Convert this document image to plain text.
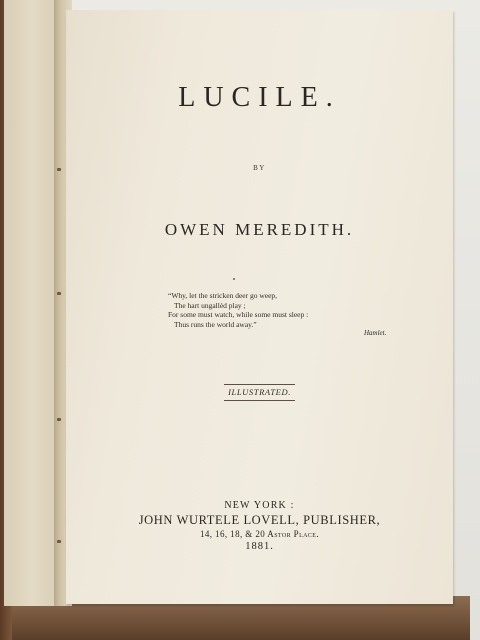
LUCILE.
BY
OWEN MEREDITH.
“Why, let the stricken deer go weep,
The hart ungallèd play ;
For some must watch, while some must sleep :
Thus runs the world away.”
Hamlet.
ILLUSTRATED.
NEW YORK :
JOHN WURTELE LOVELL, PUBLISHER,
14, 16, 18, & 20 Astor Place.
1881.
